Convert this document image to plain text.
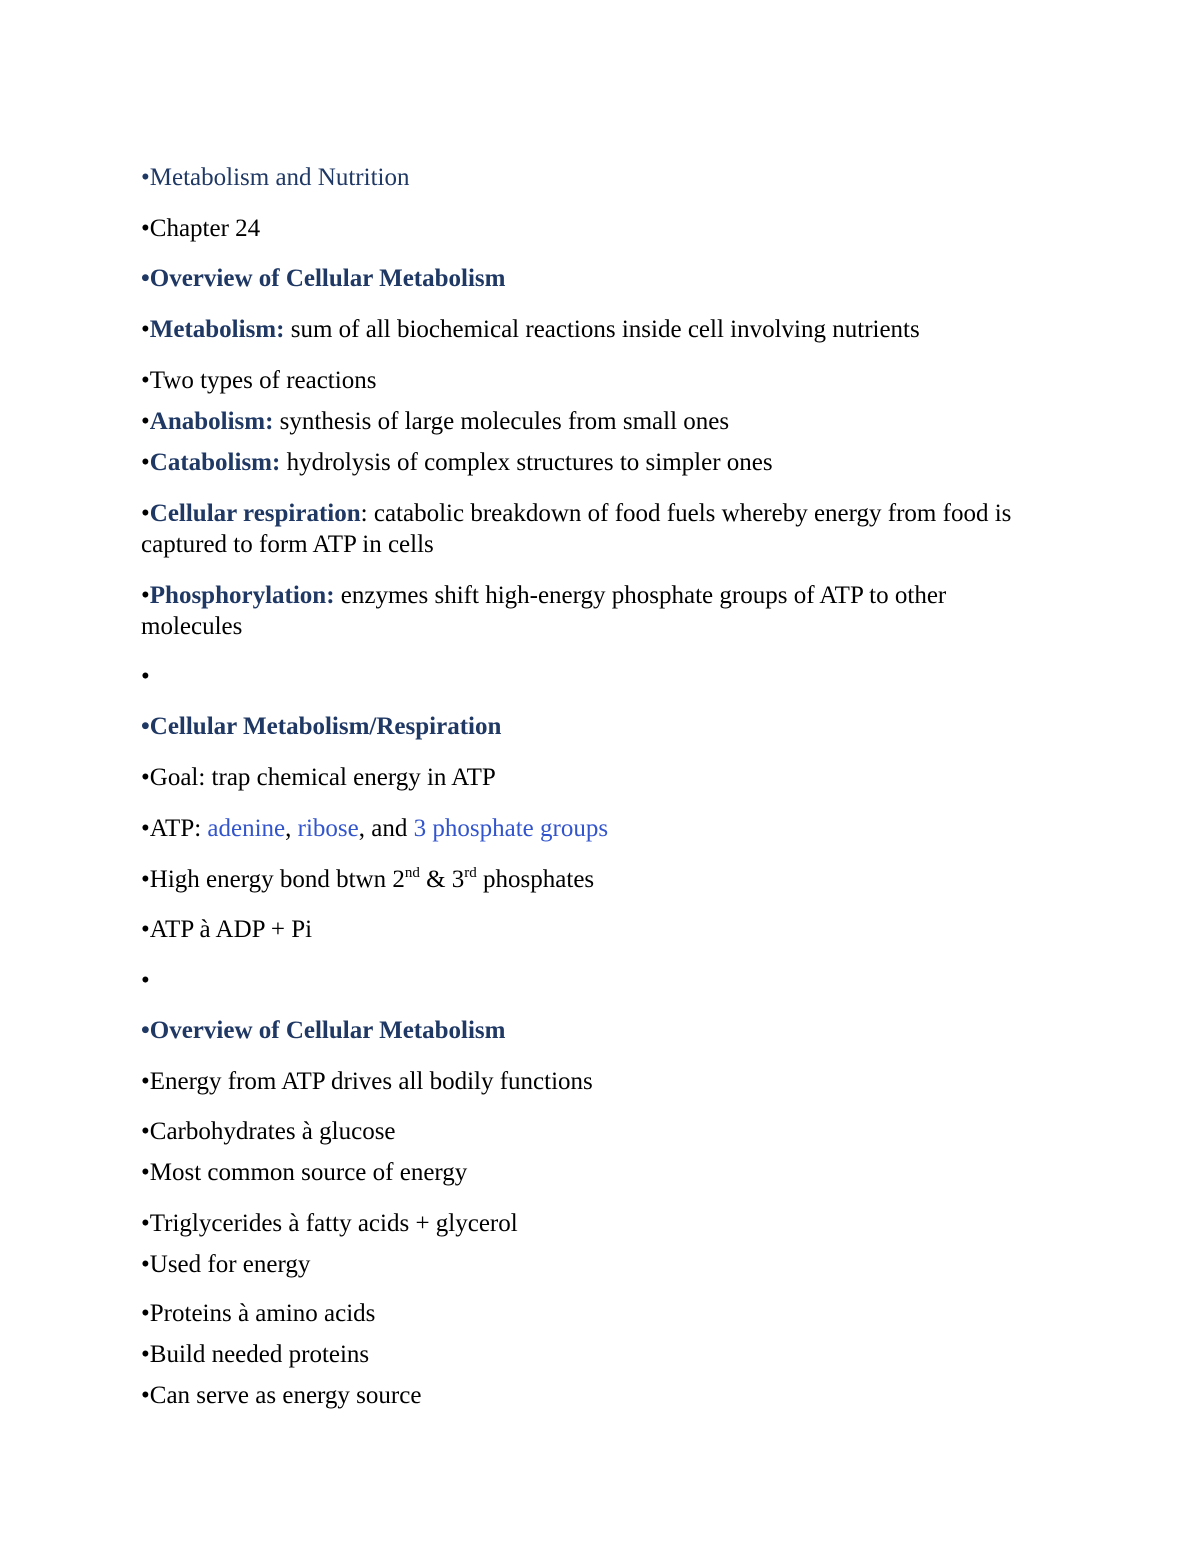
•Metabolism and Nutrition
•Chapter 24
•Overview of Cellular Metabolism
•Metabolism: sum of all biochemical reactions inside cell involving nutrients
•Two types of reactions
•Anabolism: synthesis of large molecules from small ones
•Catabolism: hydrolysis of complex structures to simpler ones
•Cellular respiration: catabolic breakdown of food fuels whereby energy from food is captured to form ATP in cells
•Phosphorylation: enzymes shift high-energy phosphate groups of ATP to other molecules
•
•Cellular Metabolism/Respiration
•Goal: trap chemical energy in ATP
•ATP: adenine, ribose, and 3 phosphate groups
•High energy bond btwn 2nd & 3rd phosphates
•ATP à ADP + Pi
•
•Overview of Cellular Metabolism
•Energy from ATP drives all bodily functions
•Carbohydrates à glucose
•Most common source of energy
•Triglycerides à fatty acids + glycerol
•Used for energy
•Proteins à amino acids
•Build needed proteins
•Can serve as energy source
